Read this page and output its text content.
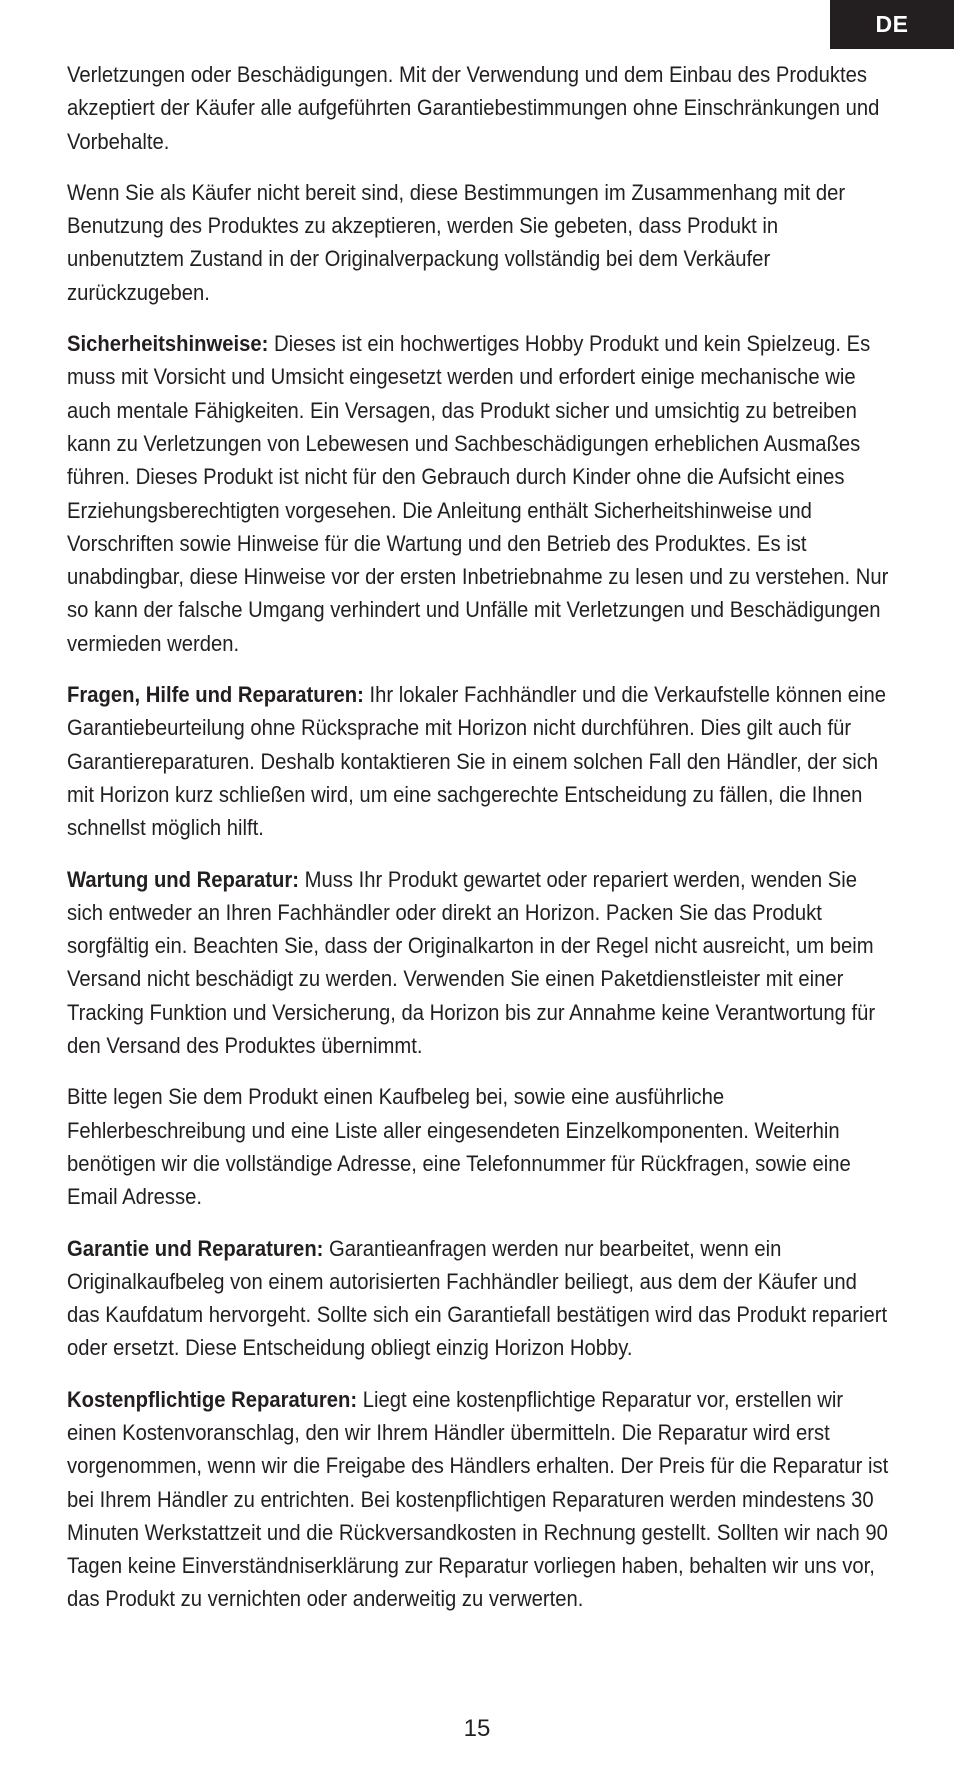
DE

Verletzungen oder Beschädigungen. Mit der Verwendung und dem Einbau des Produktes akzeptiert der Käufer alle aufgeführten Garantiebestimmungen ohne Einschränkungen und Vorbehalte.

Wenn Sie als Käufer nicht bereit sind, diese Bestimmungen im Zusammenhang mit der Benutzung des Produktes zu akzeptieren, werden Sie gebeten, dass Produkt in unbenutztem Zustand in der Originalverpackung vollständig bei dem Verkäufer zurückzugeben.

Sicherheitshinweise: Dieses ist ein hochwertiges Hobby Produkt und kein Spielzeug. Es muss mit Vorsicht und Umsicht eingesetzt werden und erfordert einige mechanische wie auch mentale Fähigkeiten. Ein Versagen, das Produkt sicher und umsichtig zu betreiben kann zu Verletzungen von Lebewesen und Sachbeschädigungen erheblichen Ausmaßes führen. Dieses Produkt ist nicht für den Gebrauch durch Kinder ohne die Aufsicht eines Erziehungsberechtigten vorgesehen. Die Anleitung enthält Sicherheitshinweise und Vorschriften sowie Hinweise für die Wartung und den Betrieb des Produktes. Es ist unabdingbar, diese Hinweise vor der ersten Inbetriebnahme zu lesen und zu verstehen. Nur so kann der falsche Umgang verhindert und Unfälle mit Verletzungen und Beschädigungen vermieden werden.

Fragen, Hilfe und Reparaturen: Ihr lokaler Fachhändler und die Verkaufstelle können eine Garantiebeurteilung ohne Rücksprache mit Horizon nicht durchführen. Dies gilt auch für Garantiereparaturen. Deshalb kontaktieren Sie in einem solchen Fall den Händler, der sich mit Horizon kurz schließen wird, um eine sachgerechte Entscheidung zu fällen, die Ihnen schnellst möglich hilft.

Wartung und Reparatur: Muss Ihr Produkt gewartet oder repariert werden, wenden Sie sich entweder an Ihren Fachhändler oder direkt an Horizon. Packen Sie das Produkt sorgfältig ein. Beachten Sie, dass der Originalkarton in der Regel nicht ausreicht, um beim Versand nicht beschädigt zu werden. Verwenden Sie einen Paketdienstleister mit einer Tracking Funktion und Versicherung, da Horizon bis zur Annahme keine Verantwortung für den Versand des Produktes übernimmt.

Bitte legen Sie dem Produkt einen Kaufbeleg bei, sowie eine ausführliche Fehlerbeschreibung und eine Liste aller eingesendeten Einzelkomponenten. Weiterhin benötigen wir die vollständige Adresse, eine Telefonnummer für Rückfragen, sowie eine Email Adresse.

Garantie und Reparaturen: Garantieanfragen werden nur bearbeitet, wenn ein Originalkaufbeleg von einem autorisierten Fachhändler beiliegt, aus dem der Käufer und das Kaufdatum hervorgeht. Sollte sich ein Garantiefall bestätigen wird das Produkt repariert oder ersetzt. Diese Entscheidung obliegt einzig Horizon Hobby.

Kostenpflichtige Reparaturen: Liegt eine kostenpflichtige Reparatur vor, erstellen wir einen Kostenvoranschlag, den wir Ihrem Händler übermitteln. Die Reparatur wird erst vorgenommen, wenn wir die Freigabe des Händlers erhalten. Der Preis für die Reparatur ist bei Ihrem Händler zu entrichten. Bei kostenpflichtigen Reparaturen werden mindestens 30 Minuten Werkstattzeit und die Rückversandkosten in Rechnung gestellt. Sollten wir nach 90 Tagen keine Einverständniserklärung zur Reparatur vorliegen haben, behalten wir uns vor, das Produkt zu vernichten oder anderweitig zu verwerten.

15
